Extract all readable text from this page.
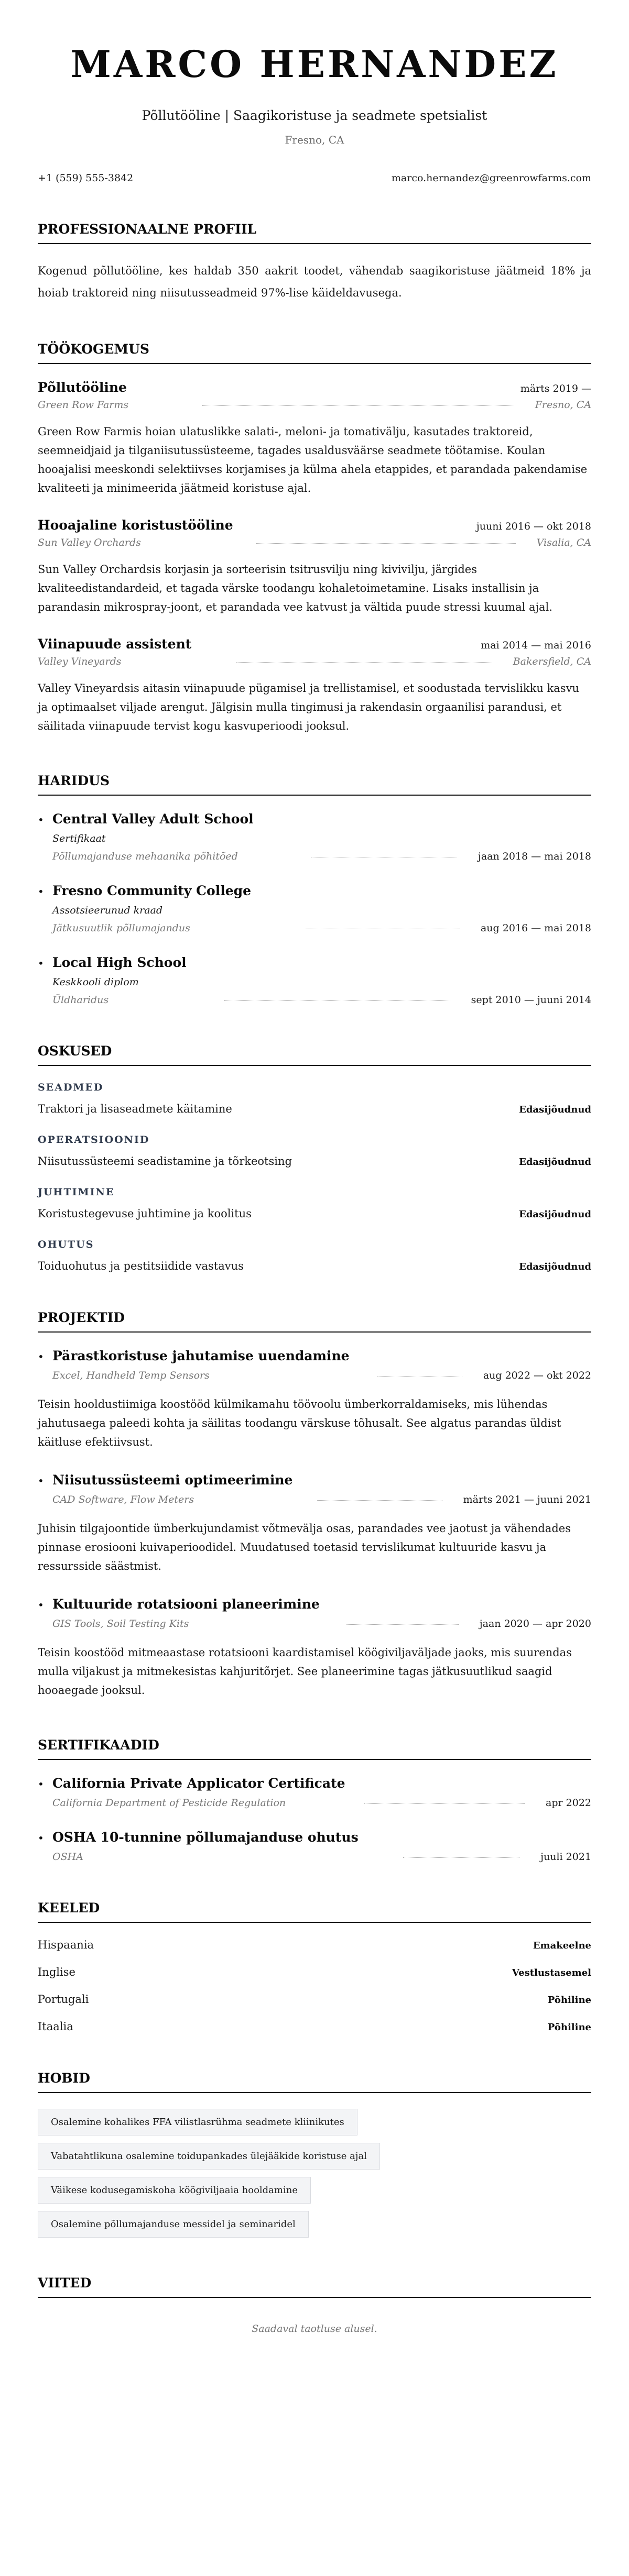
MARCO HERNANDEZ
Põllutööline | Saagikoristuse ja seadmete spetsialist
Fresno, CA
+1 (559) 555-3842	marco.hernandez@greenrowfarms.com
PROFESSIONAALNE PROFIIL

Kogenud põllutööline, kes haldab 350 aakrit toodet, vähendab saagikoristuse jäätmeid 18% ja hoiab traktoreid ning niisutusseadmeid 97%-lise käideldavusega.

TÖÖKOGEMUS
Põllutööline	märts 2019 —
Green Row Farms	Fresno, CA

Green Row Farmis hoian ulatuslikke salati-, meloni- ja tomativälju, kasutades traktoreid, seemneidjaid ja tilganiisutussüsteeme, tagades usaldusväärse seadmete töötamise. Koulan hooajalisi meeskondi selektiivses korjamises ja külma ahela etappides, et parandada pakendamise kvaliteeti ja minimeerida jäätmeid koristuse ajal.

Hooajaline koristustööline	juuni 2016 — okt 2018
Sun Valley Orchards	Visalia, CA

Sun Valley Orchardsis korjasin ja sorteerisin tsitrusvilju ning kivivilju, järgides kvaliteedistandardeid, et tagada värske toodangu kohaletoimetamine. Lisaks installisin ja parandasin mikrospray-joont, et parandada vee katvust ja vältida puude stressi kuumal ajal.

Viinapuude assistent	mai 2014 — mai 2016
Valley Vineyards	Bakersfield, CA

Valley Vineyardsis aitasin viinapuude pügamisel ja trellistamisel, et soodustada tervislikku kasvu ja optimaalset viljade arengut. Jälgisin mulla tingimusi ja rakendasin orgaanilisi parandusi, et säilitada viinapuude tervist kogu kasvuperioodi jooksul.

HARIDUS
• Central Valley Adult School
Sertifikaat
Põllumajanduse mehaanika põhitõed	jaan 2018 — mai 2018
• Fresno Community College
Assotsieerunud kraad
Jätkusuutlik põllumajandus	aug 2016 — mai 2018
• Local High School
Keskkooli diplom
Üldharidus	sept 2010 — juuni 2014
OSKUSED
SEADMED
Traktori ja lisaseadmete käitamine	Edasijõudnud
OPERATSIOONID
Niisutussüsteemi seadistamine ja tõrkeotsing	Edasijõudnud
JUHTIMINE
Koristustegevuse juhtimine ja koolitus	Edasijõudnud
OHUTUS
Toiduohutus ja pestitsiidide vastavus	Edasijõudnud
PROJEKTID
• Pärastkoristuse jahutamise uuendamine
Excel, Handheld Temp Sensors	aug 2022 — okt 2022

Teisin hooldustiimiga koostööd külmikamahu töövoolu ümberkorraldamiseks, mis lühendas jahutusaega paleedi kohta ja säilitas toodangu värskuse tõhusalt. See algatus parandas üldist käitluse efektiivsust.

• Niisutussüsteemi optimeerimine
CAD Software, Flow Meters	märts 2021 — juuni 2021

Juhisin tilgajoontide ümberkujundamist võtmevälja osas, parandades vee jaotust ja vähendades pinnase erosiooni kuivaperioodidel. Muudatused toetasid tervislikumat kultuuride kasvu ja ressursside säästmist.

• Kultuuride rotatsiooni planeerimine
GIS Tools, Soil Testing Kits	jaan 2020 — apr 2020

Teisin koostööd mitmeaastase rotatsiooni kaardistamisel köögiviljaväljade jaoks, mis suurendas mulla viljakust ja mitmekesistas kahjuritõrjet. See planeerimine tagas jätkusuutlikud saagid hooaegade jooksul.

SERTIFIKAADID
• California Private Applicator Certificate
California Department of Pesticide Regulation	apr 2022
• OSHA 10-tunnine põllumajanduse ohutus
OSHA	juuli 2021
KEELED
Hispaania	Emakeelne
Inglise	Vestlustasemel
Portugali	Põhiline
Itaalia	Põhiline
HOBID
Osalemine kohalikes FFA vilistlasrühma seadmete kliinikutes
Vabatahtlikuna osalemine toidupankades ülejääkide koristuse ajal
Väikese kodusegamiskoha köögiviljaaia hooldamine
Osalemine põllumajanduse messidel ja seminaridel
VIITED

Saadaval taotluse alusel.
